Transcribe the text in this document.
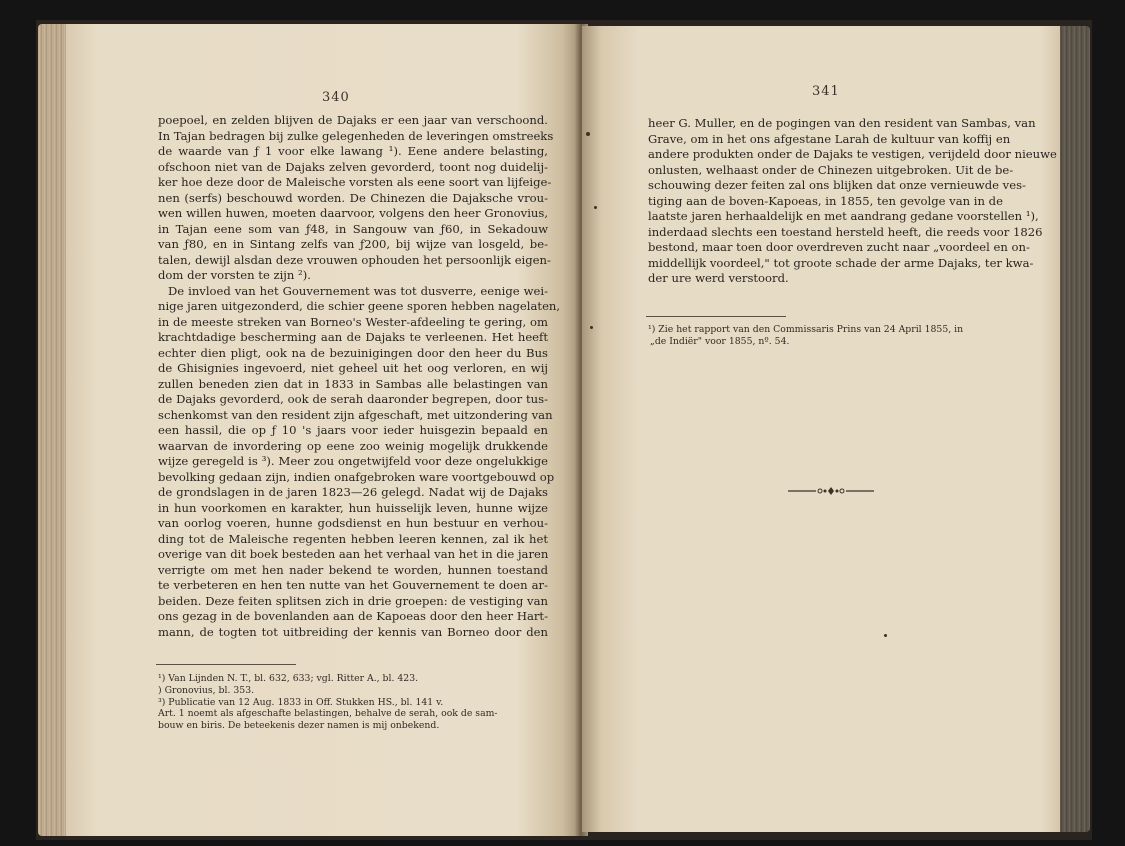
340
poepoel, en zelden blijven de Dajaks er een jaar van verschoond.
In Tajan bedragen bij zulke gelegenheden de leveringen omstreeks
de waarde van ƒ 1 voor elke lawang ¹). Eene andere belasting,
ofschoon niet van de Dajaks zelven gevorderd, toont nog duidelij-
ker hoe deze door de Maleische vorsten als eene soort van lijfeige-
nen (serfs) beschouwd worden. De Chinezen die Dajaksche vrou-
wen willen huwen, moeten daarvoor, volgens den heer Gronovius,
in Tajan eene som van ƒ48, in Sangouw van ƒ60, in Sekadouw
van ƒ80, en in Sintang zelfs van ƒ200, bij wijze van losgeld, be-
talen, dewijl alsdan deze vrouwen ophouden het persoonlijk eigen-
dom der vorsten te zijn ²).
De invloed van het Gouvernement was tot dusverre, eenige wei-
nige jaren uitgezonderd, die schier geene sporen hebben nagelaten,
in de meeste streken van Borneo's Wester-afdeeling te gering, om
krachtdadige bescherming aan de Dajaks te verleenen. Het heeft
echter dien pligt, ook na de bezuinigingen door den heer du Bus
de Ghisignies ingevoerd, niet geheel uit het oog verloren, en wij
zullen beneden zien dat in 1833 in Sambas alle belastingen van
de Dajaks gevorderd, ook de serah daaronder begrepen, door tus-
schenkomst van den resident zijn afgeschaft, met uitzondering van
een hassil, die op ƒ 10 's jaars voor ieder huisgezin bepaald en
waarvan de invordering op eene zoo weinig mogelijk drukkende
wijze geregeld is ³). Meer zou ongetwijfeld voor deze ongelukkige
bevolking gedaan zijn, indien onafgebroken ware voortgebouwd op
de grondslagen in de jaren 1823—26 gelegd. Nadat wij de Dajaks
in hun voorkomen en karakter, hun huisselijk leven, hunne wijze
van oorlog voeren, hunne godsdienst en hun bestuur en verhou-
ding tot de Maleische regenten hebben leeren kennen, zal ik het
overige van dit boek besteden aan het verhaal van het in die jaren
verrigte om met hen nader bekend te worden, hunnen toestand
te verbeteren en hen ten nutte van het Gouvernement te doen ar-
beiden. Deze feiten splitsen zich in drie groepen: de vestiging van
ons gezag in de bovenlanden aan de Kapoeas door den heer Hart-
mann, de togten tot uitbreiding der kennis van Borneo door den
¹) Van Lijnden N. T., bl. 632, 633; vgl. Ritter A., bl. 423.
) Gronovius, bl. 353.
³) Publicatie van 12 Aug. 1833 in Off. Stukken HS., bl. 141 v.
Art. 1 noemt als afgeschafte belastingen, behalve de serah, ook de sam-
bouw en biris. De beteekenis dezer namen is mij onbekend.
341
heer G. Muller, en de pogingen van den resident van Sambas, van
Grave, om in het ons afgestane Larah de kultuur van koffij en
andere produkten onder de Dajaks te vestigen, verijdeld door nieuwe
onlusten, welhaast onder de Chinezen uitgebroken. Uit de be-
schouwing dezer feiten zal ons blijken dat onze vernieuwde ves-
tiging aan de boven-Kapoeas, in 1855, ten gevolge van in de
laatste jaren herhaaldelijk en met aandrang gedane voorstellen ¹),
inderdaad slechts een toestand hersteld heeft, die reeds voor 1826
bestond, maar toen door overdreven zucht naar „voordeel en on-
middellijk voordeel," tot groote schade der arme Dajaks, ter kwa-
der ure werd verstoord.
¹) Zie het rapport van den Commissaris Prins van 24 April 1855, in
„de Indiër" voor 1855, nº. 54.
